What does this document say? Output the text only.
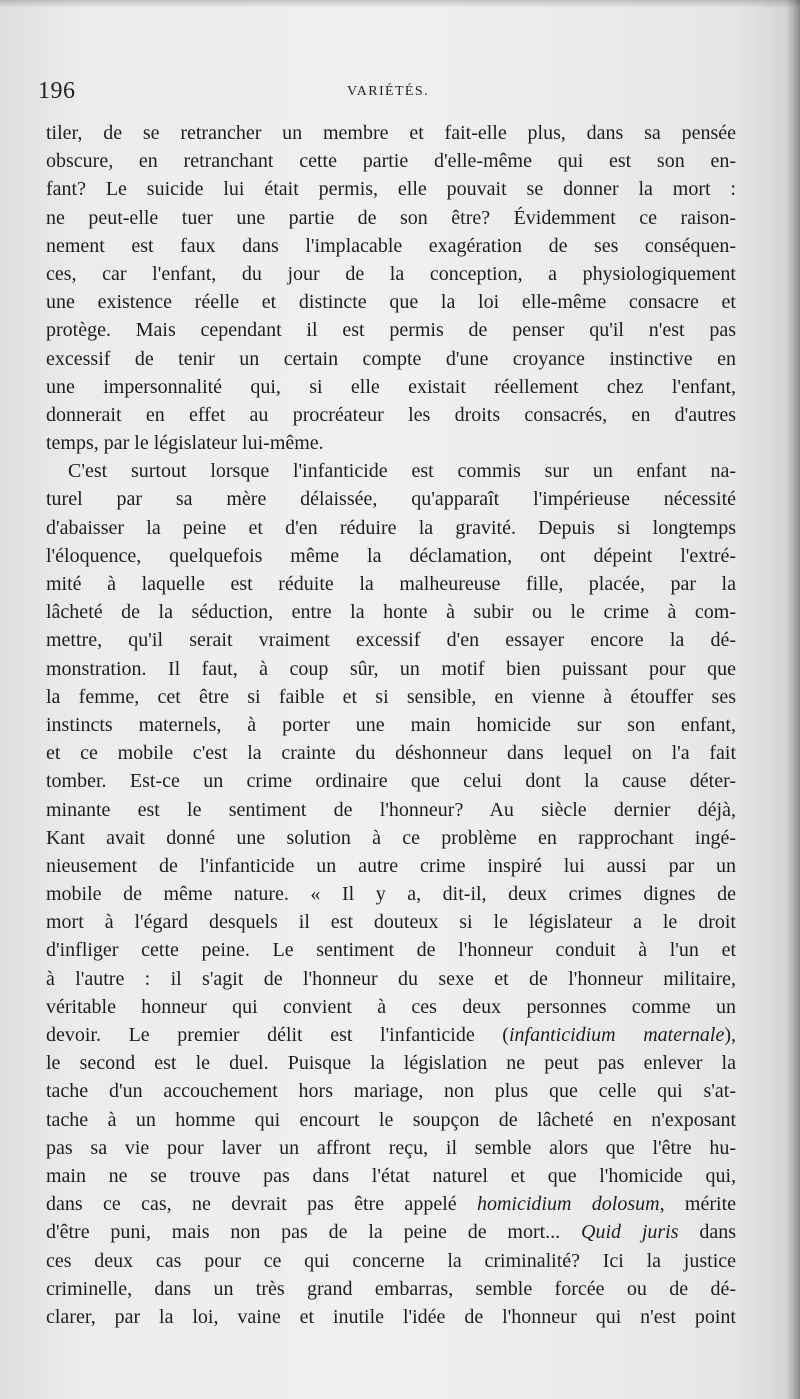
196	VARIÉTÉS.
tiler, de se retrancher un membre et fait-elle plus, dans sa pensée
obscure, en retranchant cette partie d'elle-même qui est son en-
fant? Le suicide lui était permis, elle pouvait se donner la mort :
ne peut-elle tuer une partie de son être? Évidemment ce raison-
nement est faux dans l'implacable exagération de ses conséquen-
ces, car l'enfant, du jour de la conception, a physiologiquement
une existence réelle et distincte que la loi elle-même consacre et
protège. Mais cependant il est permis de penser qu'il n'est pas
excessif de tenir un certain compte d'une croyance instinctive en
une impersonnalité qui, si elle existait réellement chez l'enfant,
donnerait en effet au procréateur les droits consacrés, en d'autres
temps, par le législateur lui-même.
C'est surtout lorsque l'infanticide est commis sur un enfant na-
turel par sa mère délaissée, qu'apparaît l'impérieuse nécessité
d'abaisser la peine et d'en réduire la gravité. Depuis si longtemps
l'éloquence, quelquefois même la déclamation, ont dépeint l'extré-
mité à laquelle est réduite la malheureuse fille, placée, par la
lâcheté de la séduction, entre la honte à subir ou le crime à com-
mettre, qu'il serait vraiment excessif d'en essayer encore la dé-
monstration. Il faut, à coup sûr, un motif bien puissant pour que
la femme, cet être si faible et si sensible, en vienne à étouffer ses
instincts maternels, à porter une main homicide sur son enfant,
et ce mobile c'est la crainte du déshonneur dans lequel on l'a fait
tomber. Est-ce un crime ordinaire que celui dont la cause déter-
minante est le sentiment de l'honneur? Au siècle dernier déjà,
Kant avait donné une solution à ce problème en rapprochant ingé-
nieusement de l'infanticide un autre crime inspiré lui aussi par un
mobile de même nature. « Il y a, dit-il, deux crimes dignes de
mort à l'égard desquels il est douteux si le législateur a le droit
d'infliger cette peine. Le sentiment de l'honneur conduit à l'un et
à l'autre : il s'agit de l'honneur du sexe et de l'honneur militaire,
véritable honneur qui convient à ces deux personnes comme un
devoir. Le premier délit est l'infanticide (infanticidium maternale),
le second est le duel. Puisque la législation ne peut pas enlever la
tache d'un accouchement hors mariage, non plus que celle qui s'at-
tache à un homme qui encourt le soupçon de lâcheté en n'exposant
pas sa vie pour laver un affront reçu, il semble alors que l'être hu-
main ne se trouve pas dans l'état naturel et que l'homicide qui,
dans ce cas, ne devrait pas être appelé homicidium dolosum, mérite
d'être puni, mais non pas de la peine de mort... Quid juris dans
ces deux cas pour ce qui concerne la criminalité? Ici la justice
criminelle, dans un très grand embarras, semble forcée ou de dé-
clarer, par la loi, vaine et inutile l'idée de l'honneur qui n'est point
